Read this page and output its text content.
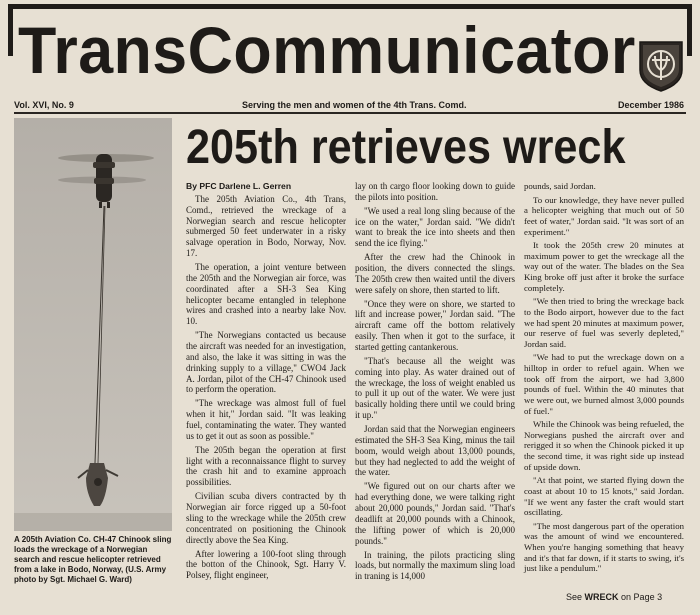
TransCommunicator
Vol. XVI, No. 9	Serving the men and women of the 4th Trans. Comd.	December 1986
A 205th Aviation Co. CH-47 Chinook sling loads the wreckage of a Norwegian search and rescue helicopter retrieved from a lake in Bodo, Norway, (U.S. Army photo by Sgt. Michael G. Ward)
205th retrieves wreck

By PFC Darlene L. Gerren

The 205th Aviation Co., 4th Trans, Comd., retrieved the wreckage of a Norwegian search and rescue helicopter submerged 50 feet underwater in a risky salvage operation in Bodo, Norway, Nov. 17.

The operation, a joint venture between the 205th and the Norwegian air force, was coordinated after a SH-3 Sea King helicopter became entangled in telephone wires and crashed into a nearby lake Nov. 10.

"The Norwegians contacted us because the aircraft was needed for an investigation, and also, the lake it was sitting in was the drinking supply to a village," CWO4 Jack A. Jordan, pilot of the CH-47 Chinook used to perform the operation.

"The wreckage was almost full of fuel when it hit," Jordan said. "It was leaking fuel, contaminating the water. They wanted us to get it out as soon as possible."

The 205th began the operation at first light with a reconnaissance flight to survey the crash hit and to examine approach possibilities.

Civilian scuba divers contracted by th Norwegian air force rigged up a 50-foot sling to the wreckage while the 205th crew concentrated on positioning the Chinook directly above the Sea King.

After lowering a 100-foot sling through the botton of the Chinook, Sgt. Harry V. Polsey, flight engineer,

lay on th cargo floor looking down to guide the pilots into position.

"We used a real long sling because of the ice on the water," Jordan said. "We didn't want to break the ice into sheets and then send the ice flying."

After the crew had the Chinook in position, the divers connected the slings. The 205th crew then waited until the divers were safely on shore, then started to lift.

"Once they were on shore, we started to lift and increase power," Jordan said. "The aircraft came off the bottom relatively easily. Then when it got to the surface, it started getting cantankerous.

"That's because all the weight was coming into play. As water drained out of the wreckage, the loss of weight enabled us to pull it up out of the water. We were just basically holding there until we could bring it up."

Jordan said that the Norwegian engineers estimated the SH-3 Sea King, minus the tail boom, would weigh about 13,000 pounds, but they had neglected to add the weight of the water.

"We figured out on our charts after we had everything done, we were talking right about 20,000 pounds," Jordan said. "That's deadlift at 20,000 pounds with a Chinook, the lifting power of which is 20,000 pounds."

In training, the pilots practicing sling loads, but normally the maximum sling load in traning is 14,000

pounds, said Jordan.

To our knowledge, they have never pulled a helicopter weighing that much out of 50 feet of water," Jordan said. "It was sort of an experiment."

It took the 205th crew 20 minutes at maximum power to get the wreckage all the way out of the water. The blades on the Sea King broke off just after it broke the surface completely.

"We then tried to bring the wreckage back to the Bodo airport, however due to the fact we had spent 20 minutes at maximum power, our reserve of fuel was severly depleted," Jordan said.

"We had to put the wreckage down on a hilltop in order to refuel again. When we took off from the airport, we had 3,800 pounds of fuel. Within the 40 minutes that we were out, we burned almost 3,000 pounds of fuel."

While the Chinook was being refueled, the Norwegians pushed the aircraft over and rerigged it so when the Chinook picked it up the second time, it was right side up instead of upside down.

"At that point, we started flying down the coast at about 10 to 15 knots," said Jordan. "If we went any faster the craft would start oscillating.

"The most dangerous part of the operation was the amount of wind we encountered. When you're hanging something that heavy and it's that far down, if it starts to swing, it's just like a pendulum."

See WRECK on Page 3
